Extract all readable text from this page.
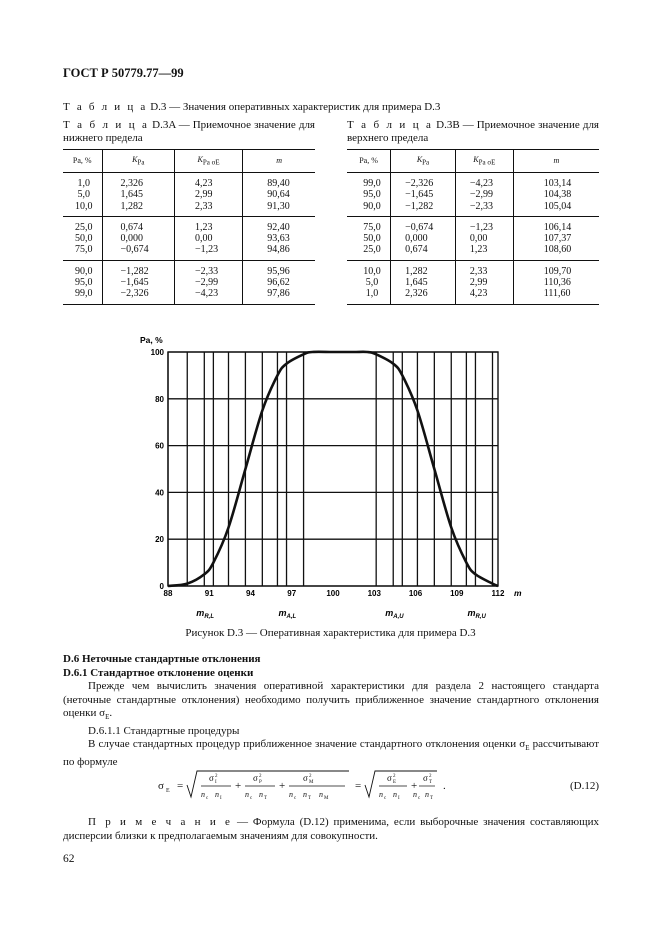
ГОСТ Р 50779.77—99
Т а б л и ц а D.3 — Значения оперативных характеристик для примера D.3
Т а б л и ц а D.3A — Приемочное значение для
нижнего предела
Т а б л и ц а D.3B — Приемочное значение для
верхнего предела
Pa, %	$K_{Pa}$	$K_{Pa \sigma E}$	m
1,0	2,326	4,23	89,40
5,0	1,645	2,99	90,64
10,0	1,282	2,33	91,30
25,0	0,674	1,23	92,40
50,0	0,000	0,00	93,63
75,0	−0,674	−1,23	94,86
90,0	−1,282	−2,33	95,96
95,0	−1,645	−2,99	96,62
99,0	−2,326	−4,23	97,86
Pa, %	$K_{Pa}$	$K_{Pa \sigma E}$	m
99,0	−2,326	−4,23	103,14
95,0	−1,645	−2,99	104,38
90,0	−1,282	−2,33	105,04
75,0	−0,674	−1,23	106,14
50,0	0,000	0,00	107,37
25,0	0,674	1,23	108,60
10,0	1,282	2,33	109,70
5,0	1,645	2,99	110,36
1,0	2,326	4,23	111,60
0
20
40
60
80
100
88	91	94	97	100	103	106	109	112
Pa, %
m
$m_{R,L}$	$m_{A,L}$	$m_{A,U}$	$m_{R,U}$
Рисунок D.3 — Оперативная характеристика для примера D.3
D.6 Неточные стандартные отклонения
D.6.1 Стандартное отклонение оценки
Прежде чем вычислить значения оперативной характеристики для раздела 2 настоящего стандарта (неточные стандартные отклонения) необходимо получить приближенное значение стандартного отклонения оценки $\sigma_E$.
D.6.1.1 Стандартные процедуры
В случае стандартных процедур приближенное значение стандартного отклонения оценки $\sigma_E$ рассчитывают по формуле
σ E =
σ I
2
n c n I
+
σ P
2
n c n T
+
σ M
2
n c n T n M
=
σ E
2
n c n I
+
σ T
2
n c n T
.	(D.12)
П р и м е ч а н и е — Формула (D.12) применима, если выборочные значения составляющих дисперсии близки к предполагаемым значениям для совокупности.
62
